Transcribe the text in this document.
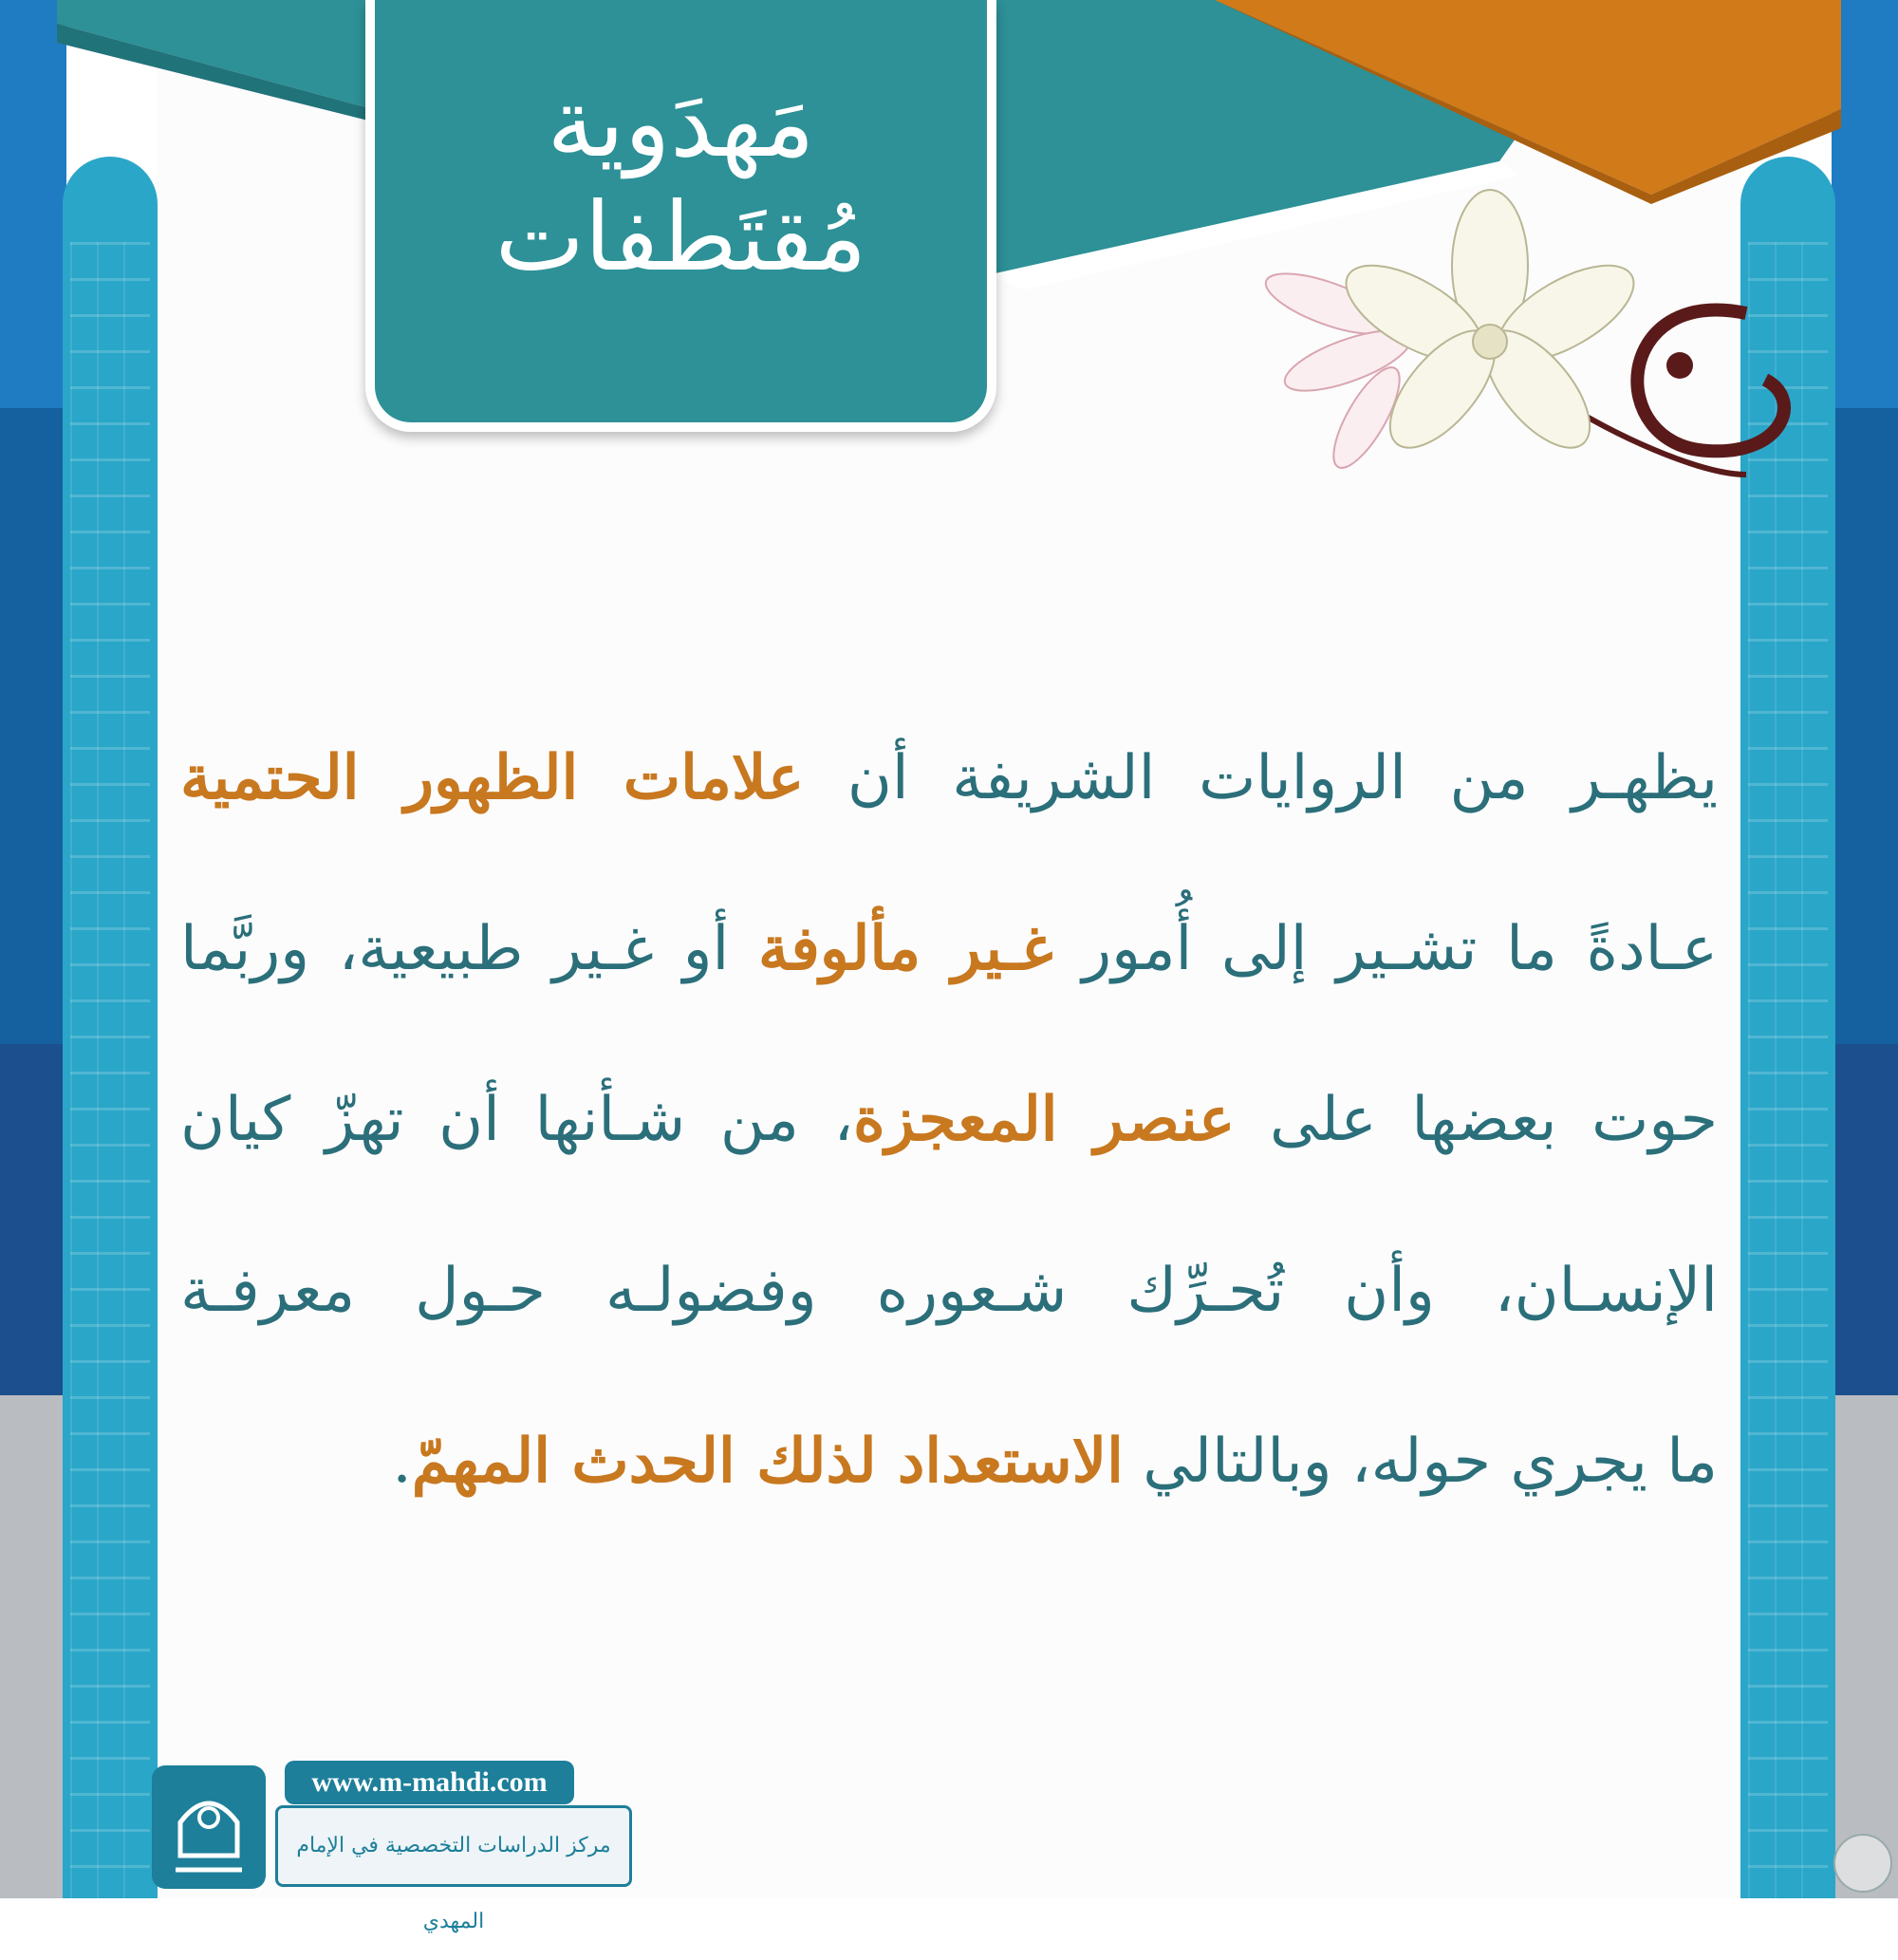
مَهدَوية
مُقتَطفات
يظهـر من الروايات الشريفة أن علامات الظهور الحتمية
عـادةً ما تشـير إلى أُمور غـير مألوفة أو غـير طبيعية، وربَّما
حوت بعضها على عنصر المعجزة، من شـأنها أن تهزّ كيان
الإنسـان، وأن تُحـرِّك شـعوره وفضولـه حـول معرفـة
ما يجري حوله، وبالتالي الاستعداد لذلك الحدث المهمّ.
www.m-mahdi.com
مركز الدراسات التخصصية في الإمام المهدي
